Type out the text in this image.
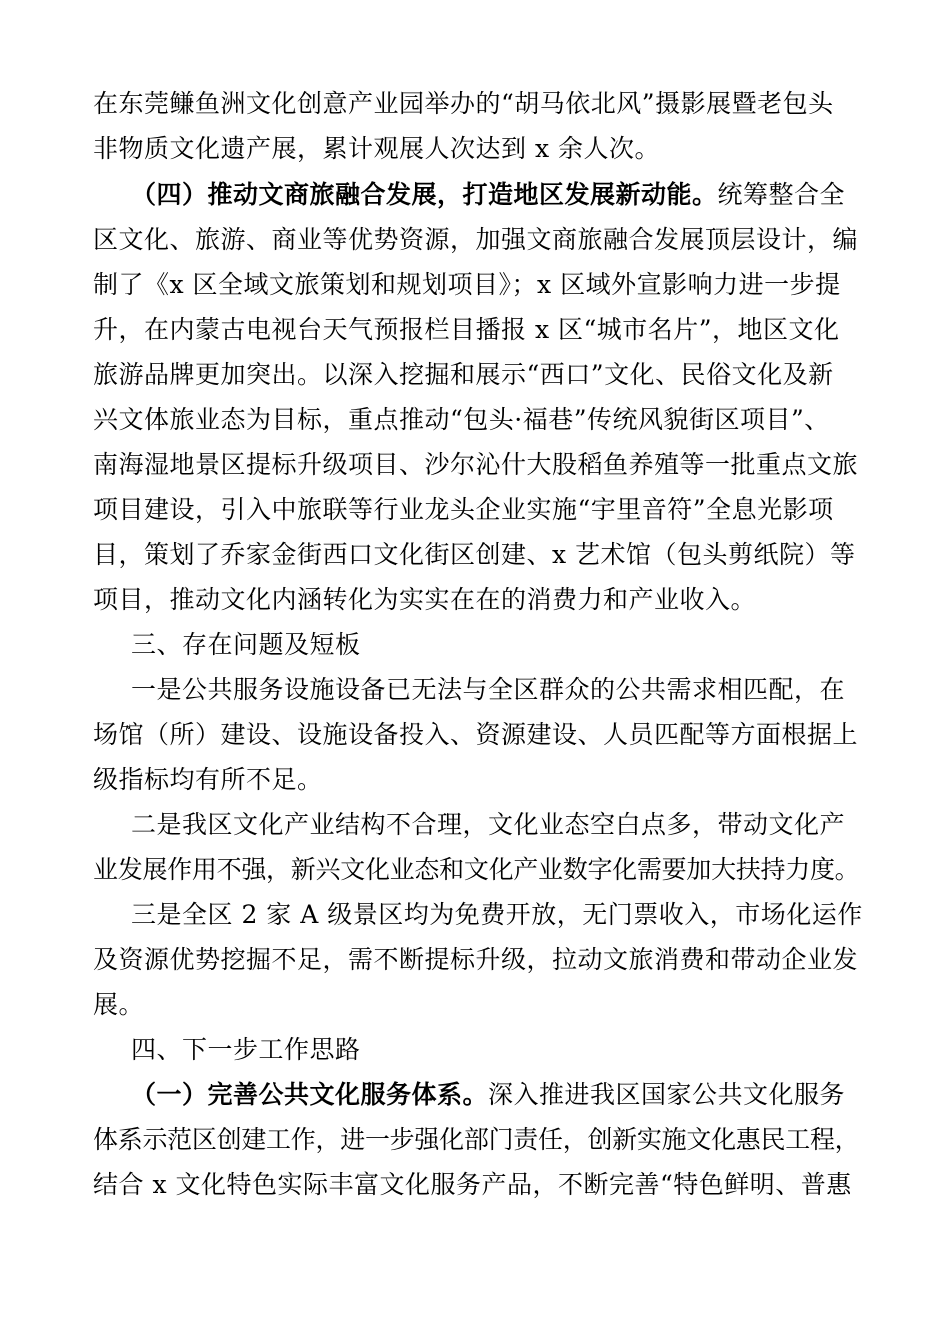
在东莞鳒鱼洲文化创意产业园举办的“胡马依北风”摄影展暨老包头
非物质文化遗产展，累计观展人次达到 x 余人次。
（四）推动文商旅融合发展，打造地区发展新动能。统筹整合全
区文化、旅游、商业等优势资源，加强文商旅融合发展顶层设计，编
制了《x 区全域文旅策划和规划项目》；x 区域外宣影响力进一步提
升，在内蒙古电视台天气预报栏目播报 x 区“城市名片”，地区文化
旅游品牌更加突出。以深入挖掘和展示“西口”文化、民俗文化及新
兴文体旅业态为目标，重点推动“包头·福巷”传统风貌街区项目”、
南海湿地景区提标升级项目、沙尔沁什大股稻鱼养殖等一批重点文旅
项目建设，引入中旅联等行业龙头企业实施“宇里音符”全息光影项
目，策划了乔家金街西口文化街区创建、x 艺术馆（包头剪纸院）等
项目，推动文化内涵转化为实实在在的消费力和产业收入。
三、存在问题及短板
一是公共服务设施设备已无法与全区群众的公共需求相匹配，在
场馆（所）建设、设施设备投入、资源建设、人员匹配等方面根据上
级指标均有所不足。
二是我区文化产业结构不合理，文化业态空白点多，带动文化产
业发展作用不强，新兴文化业态和文化产业数字化需要加大扶持力度。
三是全区 2 家 A 级景区均为免费开放，无门票收入，市场化运作
及资源优势挖掘不足，需不断提标升级，拉动文旅消费和带动企业发
展。
四、下一步工作思路
（一）完善公共文化服务体系。深入推进我区国家公共文化服务
体系示范区创建工作，进一步强化部门责任，创新实施文化惠民工程，
结合 x 文化特色实际丰富文化服务产品，不断完善“特色鲜明、普惠
